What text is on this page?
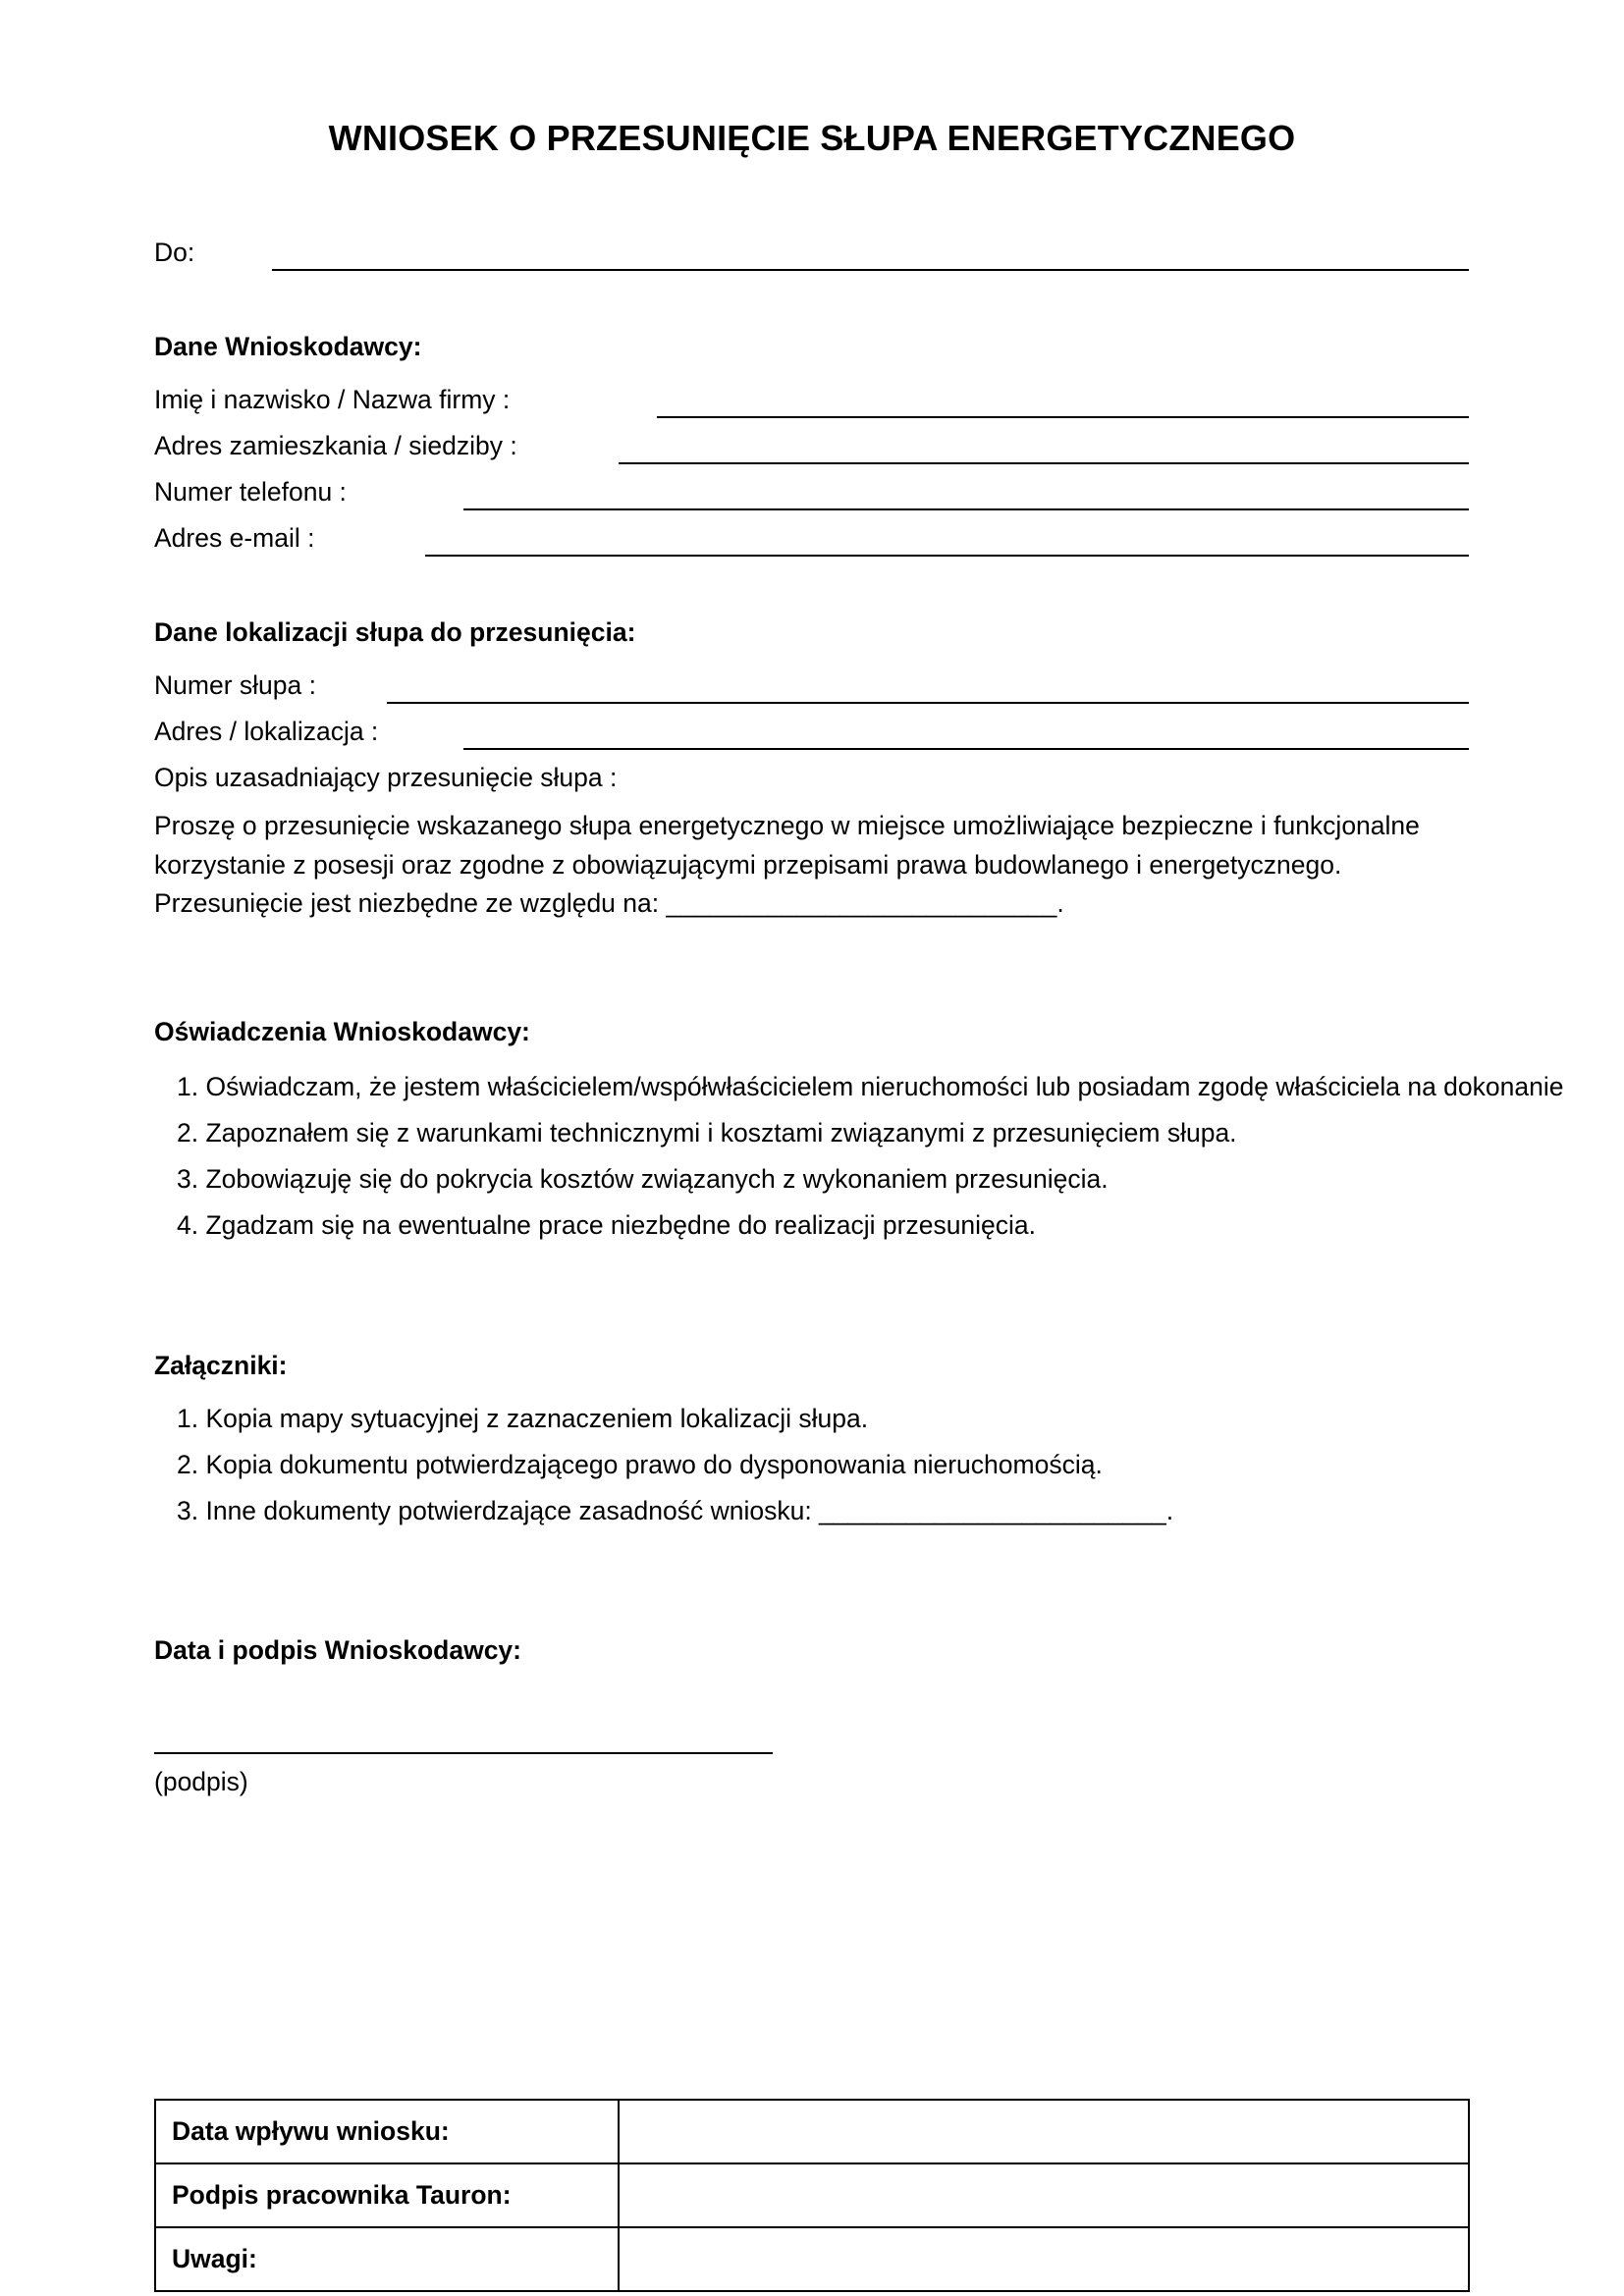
WNIOSEK O PRZESUNIĘCIE SŁUPA ENERGETYCZNEGO
Do:
Dane Wnioskodawcy:
Imię i nazwisko / Nazwa firmy :
Adres zamieszkania / siedziby :
Numer telefonu :
Adres e-mail :
Dane lokalizacji słupa do przesunięcia:
Numer słupa :
Adres / lokalizacja :
Opis uzasadniający przesunięcie słupa :
Proszę o przesunięcie wskazanego słupa energetycznego w miejsce umożliwiające bezpieczne i funkcjonalne korzystanie z posesji oraz zgodne z obowiązującymi przepisami prawa budowlanego i energetycznego. Przesunięcie jest niezbędne ze względu na: ___________________________.
Oświadczenia Wnioskodawcy:
1. Oświadczam, że jestem właścicielem/współwłaścicielem nieruchomości lub posiadam zgodę właściciela na dokonanie
2. Zapoznałem się z warunkami technicznymi i kosztami związanymi z przesunięciem słupa.
3. Zobowiązuję się do pokrycia kosztów związanych z wykonaniem przesunięcia.
4. Zgadzam się na ewentualne prace niezbędne do realizacji przesunięcia.
Załączniki:
1. Kopia mapy sytuacyjnej z zaznaczeniem lokalizacji słupa.
2. Kopia dokumentu potwierdzającego prawo do dysponowania nieruchomością.
3. Inne dokumenty potwierdzające zasadność wniosku: ________________________.
Data i podpis Wnioskodawcy:
(podpis)
Data wpływu wniosku:	
Podpis pracownika Tauron:	
Uwagi:	
